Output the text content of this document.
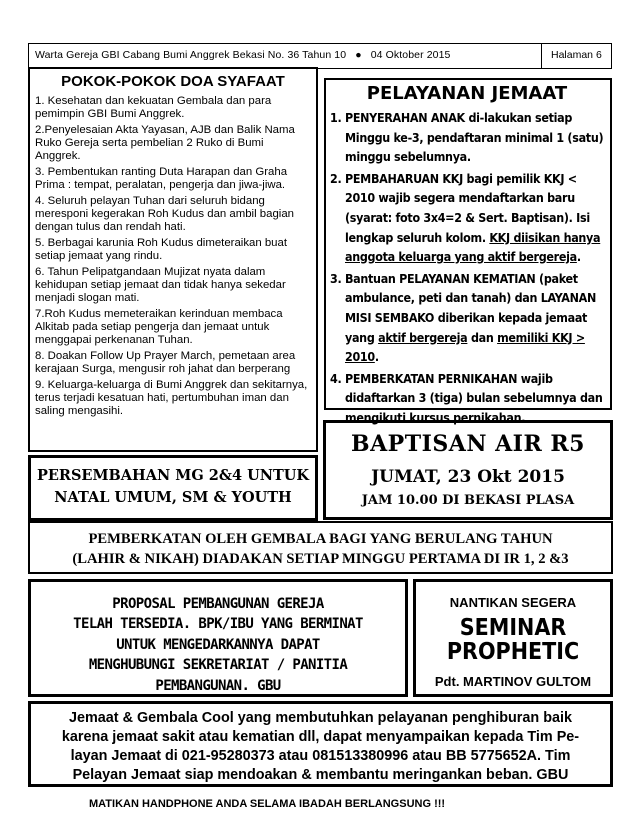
Warta Gereja GBI Cabang Bumi Anggrek Bekasi No. 36 Tahun 10 ● 04 Oktober 2015	Halaman 6
POKOK-POKOK DOA SYAFAAT
1. Kesehatan dan kekuatan Gembala dan para pemimpin GBI Bumi Anggrek.
2.Penyelesaian Akta Yayasan, AJB dan Balik Nama Ruko Gereja serta pembelian 2 Ruko di Bumi Anggrek.
3. Pembentukan ranting Duta Harapan dan Graha Prima : tempat, peralatan, pengerja dan jiwa-jiwa.
4. Seluruh pelayan Tuhan dari seluruh bidang meresponi kegerakan Roh Kudus dan ambil bagian dengan tulus dan rendah hati.
5. Berbagai karunia Roh Kudus dimeteraikan buat setiap jemaat yang rindu.
6. Tahun Pelipatgandaan Mujizat nyata dalam kehidupan setiap jemaat dan tidak hanya sekedar menjadi slogan mati.
7.Roh Kudus memeteraikan kerinduan membaca Alkitab pada setiap pengerja dan jemaat untuk menggapai perkenanan Tuhan.
8. Doakan Follow Up Prayer March, pemetaan area kerajaan Surga, mengusir roh jahat dan berperang
9. Keluarga-keluarga di Bumi Anggrek dan sekitarnya, terus terjadi kesatuan hati, pertumbuhan iman dan saling mengasihi.
PELAYANAN JEMAAT
1. PENYERAHAN ANAK di-lakukan setiap Minggu ke-3, pendaftaran minimal 1 (satu) minggu sebelumnya.
2. PEMBAHARUAN KKJ bagi pemilik KKJ < 2010 wajib segera mendaftarkan baru (syarat: foto 3x4=2 & Sert. Baptisan). Isi lengkap seluruh kolom. KKJ diisikan hanya anggota keluarga yang aktif bergereja.
3. Bantuan PELAYANAN KEMATIAN (paket ambulance, peti dan tanah) dan LAYANAN MISI SEMBAKO diberikan kepada jemaat yang aktif bergereja dan memiliki KKJ > 2010.
4. PEMBERKATAN PERNIKAHAN wajib didaftarkan 3 (tiga) bulan sebelumnya dan mengikuti kursus pernikahan.
BAPTISAN AIR R5
JUMAT, 23 Okt 2015
JAM 10.00 DI BEKASI PLASA
PERSEMBAHAN MG 2&4 UNTUK
NATAL UMUM, SM & YOUTH
PEMBERKATAN OLEH GEMBALA BAGI YANG BERULANG TAHUN
(LAHIR & NIKAH) DIADAKAN SETIAP MINGGU PERTAMA DI IR 1, 2 &3
PROPOSAL PEMBANGUNAN GEREJA
TELAH TERSEDIA. BPK/IBU YANG BERMINAT
UNTUK MENGEDARKANNYA DAPAT
MENGHUBUNGI SEKRETARIAT / PANITIA
PEMBANGUNAN. GBU
NANTIKAN SEGERA
SEMINAR
PROPHETIC
Pdt. MARTINOV GULTOM
Jemaat & Gembala Cool yang membutuhkan pelayanan penghiburan baik
karena jemaat sakit atau kematian dll, dapat menyampaikan kepada Tim Pe-
layan Jemaat di 021-95280373 atau 081513380996 atau BB 5775652A. Tim
Pelayan Jemaat siap mendoakan & membantu meringankan beban. GBU
MATIKAN HANDPHONE ANDA SELAMA IBADAH BERLANGSUNG !!!
